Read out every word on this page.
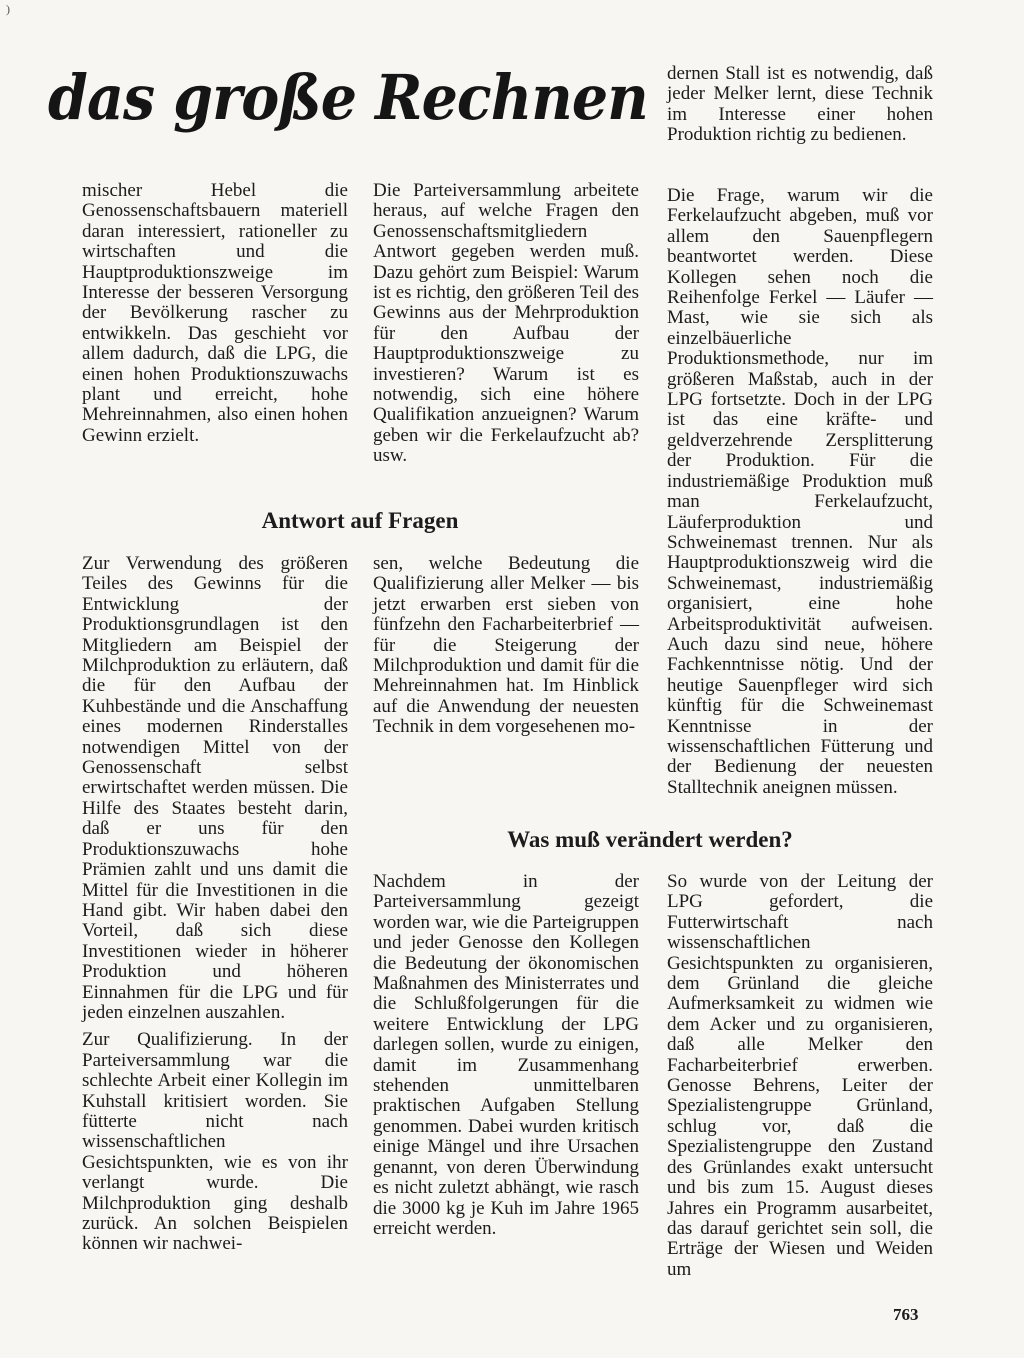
)
das große Rechnen

mischer Hebel die Genossenschaftsbauern materiell daran interessiert, rationeller zu wirtschaften und die Hauptproduktionszweige im Interesse der besseren Versorgung der Bevölkerung rascher zu entwikkeln. Das geschieht vor allem dadurch, daß die LPG, die einen hohen Produktionszuwachs plant und erreicht, hohe Mehreinnahmen, also einen hohen Gewinn erzielt.

Die Parteiversammlung arbeitete heraus, auf welche Fragen den Genossenschaftsmitgliedern Antwort gegeben werden muß. Dazu gehört zum Beispiel: Warum ist es richtig, den größeren Teil des Gewinns aus der Mehrproduktion für den Aufbau der Hauptproduktionszweige zu investieren? Warum ist es notwendig, sich eine höhere Qualifikation anzueignen? Warum geben wir die Ferkelaufzucht ab? usw.

dernen Stall ist es notwendig, daß jeder Melker lernt, diese Technik im Interesse einer hohen Produktion richtig zu bedienen.

Die Frage, warum wir die Ferkelaufzucht abgeben, muß vor allem den Sauenpflegern beantwortet werden. Diese Kollegen sehen noch die Reihenfolge Ferkel — Läufer — Mast, wie sie sich als einzelbäuerliche Produktionsmethode, nur im größeren Maßstab, auch in der LPG fortsetzte. Doch in der LPG ist das eine kräfte- und geldverzehrende Zersplitterung der Produktion. Für die industriemäßige Produktion muß man Ferkelaufzucht, Läuferproduktion und Schweinemast trennen. Nur als Hauptproduktionszweig wird die Schweinemast, industriemäßig organisiert, eine hohe Arbeitsproduktivität aufweisen. Auch dazu sind neue, höhere Fachkenntnisse nötig. Und der heutige Sauenpfleger wird sich künftig für die Schweinemast Kenntnisse in der wissenschaftlichen Fütterung und der Bedienung der neuesten Stalltechnik aneignen müssen.

Antwort auf Fragen

Zur Verwendung des größeren Teiles des Gewinns für die Entwicklung der Produktionsgrundlagen ist den Mitgliedern am Beispiel der Milchproduktion zu erläutern, daß die für den Aufbau der Kuhbestände und die Anschaffung eines modernen Rinderstalles notwendigen Mittel von der Genossenschaft selbst erwirtschaftet werden müssen. Die Hilfe des Staates besteht darin, daß er uns für den Produktionszuwachs hohe Prämien zahlt und uns damit die Mittel für die Investitionen in die Hand gibt. Wir haben dabei den Vorteil, daß sich diese Investitionen wieder in höherer Produktion und höheren Einnahmen für die LPG und für jeden einzelnen auszahlen.

Zur Qualifizierung. In der Parteiversammlung war die schlechte Arbeit einer Kollegin im Kuhstall kritisiert worden. Sie fütterte nicht nach wissenschaftlichen Gesichtspunkten, wie es von ihr verlangt wurde. Die Milchproduktion ging deshalb zurück. An solchen Beispielen können wir nachwei-

sen, welche Bedeutung die Qualifizierung aller Melker — bis jetzt erwarben erst sieben von fünfzehn den Facharbeiterbrief — für die Steigerung der Milchproduktion und damit für die Mehreinnahmen hat. Im Hinblick auf die Anwendung der neuesten Technik in dem vorgesehenen mo-

Was muß verändert werden?

Nachdem in der Parteiversammlung gezeigt worden war, wie die Parteigruppen und jeder Genosse den Kollegen die Bedeutung der ökonomischen Maßnahmen des Ministerrates und die Schlußfolgerungen für die weitere Entwicklung der LPG darlegen sollen, wurde zu einigen, damit im Zusammenhang stehenden unmittelbaren praktischen Aufgaben Stellung genommen. Dabei wurden kritisch einige Mängel und ihre Ursachen genannt, von deren Überwindung es nicht zuletzt abhängt, wie rasch die 3000 kg je Kuh im Jahre 1965 erreicht werden.

So wurde von der Leitung der LPG gefordert, die Futterwirtschaft nach wissenschaftlichen Gesichtspunkten zu organisieren, dem Grünland die gleiche Aufmerksamkeit zu widmen wie dem Acker und zu organisieren, daß alle Melker den Facharbeiterbrief erwerben. Genosse Behrens, Leiter der Spezialistengruppe Grünland, schlug vor, daß die Spezialistengruppe den Zustand des Grünlandes exakt untersucht und bis zum 15. August dieses Jahres ein Programm ausarbeitet, das darauf gerichtet sein soll, die Erträge der Wiesen und Weiden um

763
